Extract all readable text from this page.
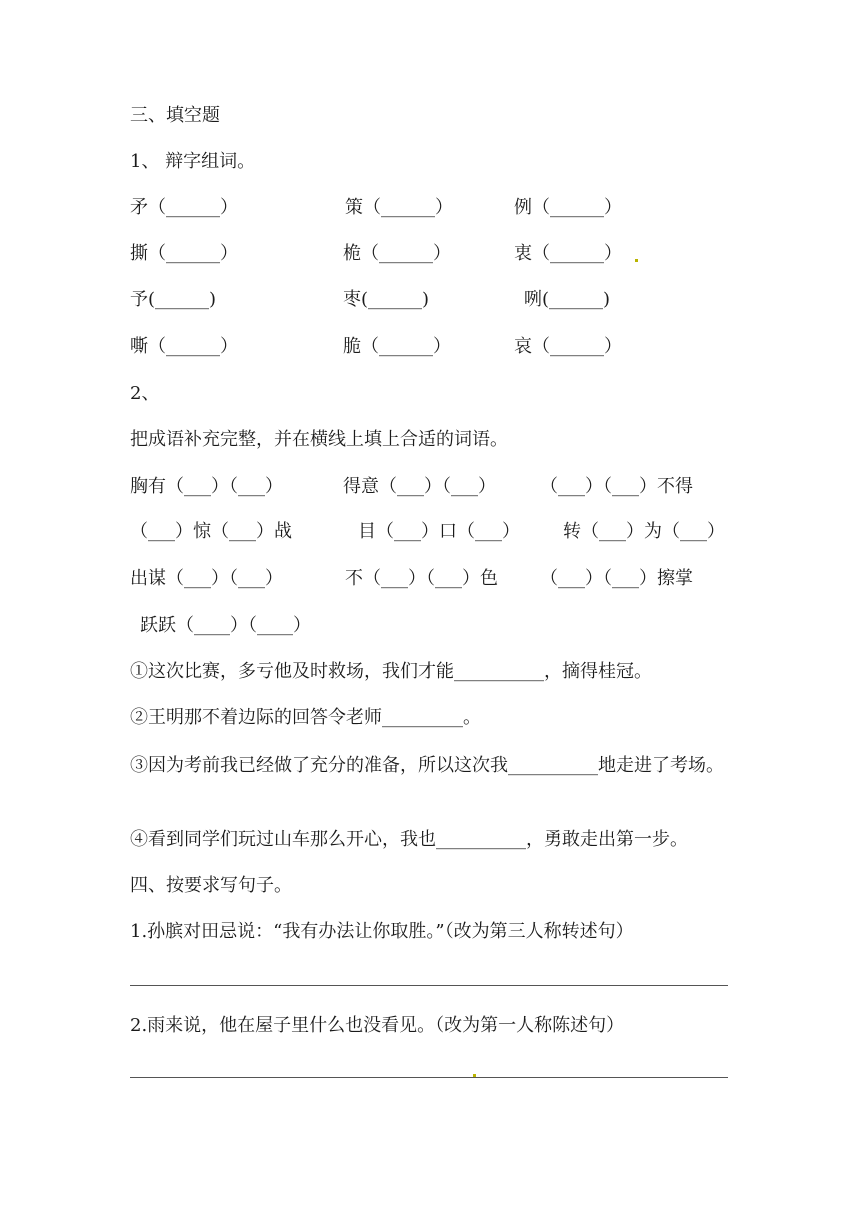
三、填空题
1、 辩字组词。
矛（______）	策（______）	例（______）
撕（______）	桅（______）	衷（______）
予(______)	枣(______)	咧(______)
嘶（______）	脆（______）	哀（______）
2、
把成语补充完整，并在横线上填上合适的词语。
胸有（___）（___）	得意（___）（___） （___）（___）不得
（___）惊（___）战	目（___）口（___） 转（___）为（___）
出谋（___）（___）	不（___）（___）色 （___）（___）擦掌
跃跃（____）（____）
①这次比赛，多亏他及时救场，我们才能__________，摘得桂冠。
②王明那不着边际的回答令老师_________。
③因为考前我已经做了充分的准备，所以这次我__________地走进了考场。
④看到同学们玩过山车那么开心，我也__________，勇敢走出第一步。
四、按要求写句子。
1.孙膑对田忌说：“我有办法让你取胜。”（改为第三人称转述句）
2.雨来说，他在屋子里什么也没看见。（改为第一人称陈述句）
